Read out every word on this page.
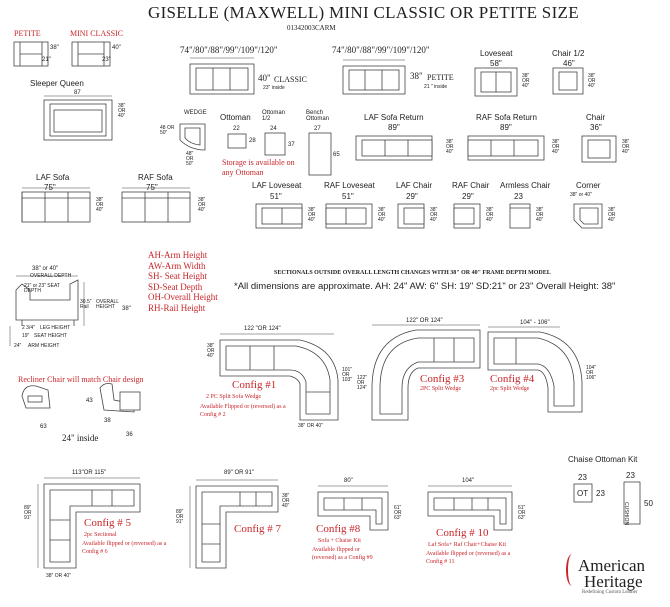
GISELLE (MAXWELL) MINI CLASSIC OR PETITE SIZE
01342003CARM
PETITE	MINI CLASSIC
38"
21"
40"
23"
74"/80"/88"/99"/109"/120"
40" CLASSIC
23" inside
74"/80"/88"/99"/109"/120"
38" PETITE
21 " inside
Loveseat
58"
38" OR 40"
Chair 1/2
46"
38" OR 40"
Sleeper Queen
87
38" OR 40"	WEDGE
48 OR 50"
48" OR 50"
Ottoman
22
28
Ottoman 1/2
24
37
Bench Ottoman
27
65
Storage is available on any Ottoman
LAF Sofa Return
89"
38" OR 40"
RAF Sofa Return
89"
38" OR 40"
Chair
36"
38" OR 40"
LAF Sofa
75"
38" OR 40"
RAF Sofa
75"
38" OR 40"
LAF Loveseat
51"
38" OR 40"
RAF Loveseat
51"
38" OR 40"
LAF Chair
29"
38" OR 40"
RAF Chair
29"
38" OR 40"
Armless Chair
23
38" OR 40"
Corner
38" or 40"
38" OR 40"
38" or 40"
OVERALL DEPTH
21" or 23" SEAT DEPTH
30.5" Rail
OVERALL HEIGHT	38"
2 3/4" LEG HEIGHT
19" SEAT HEIGHT
24" ARM HEIGHT
AH-Arm Height
AW-Arm Width
SH- Seat Height
SD-Seat Depth
OH-Overall Height
RH-Rail Height
SECTIONALS OUTSIDE OVERALL LENGTH CHANGES WITH 38" OR 40" FRAME DEPTH MODEL
*All dimensions are approximate. AH: 24" AW: 6" SH: 19" SD:21" or 23" Overall Height: 38"
Recliner Chair will match Chair design
38
43
63
24" inside	36
122 "OR 124"
38" OR 40"
101" OR 103"
38" OR 40"
Config #1
2 PC Split Sofa Wedge
Available Flipped or (reversed) as a Config # 2
122" OR 124"
122" OR 124"
Config #3
2PC Split Wedge
104" - 106"
104" OR 106"
Config #4
2pc Split Wedge
113"OR 115"
89" OR 91"	Config # 5
2pc Sectional
Available flipped or (reversed) as a Config # 6
38" OR 40"
89" OR 91"
89" OR 91"
38" OR 40"
Config # 7
80"
61" OR 63"
Config #8
Sofa + Chaise Kit
Available flipped or (reversed) as a Config #9
104"
61" OR 63"
Config # 10
Laf Sofa+ Raf Chair+Chaise Kit
Available flipped or (reversed) as a Config # 11
Chaise Ottoman Kit
23
OT 23
23
CUSHION 50
American
Heritage
Redefining Custom Leather
